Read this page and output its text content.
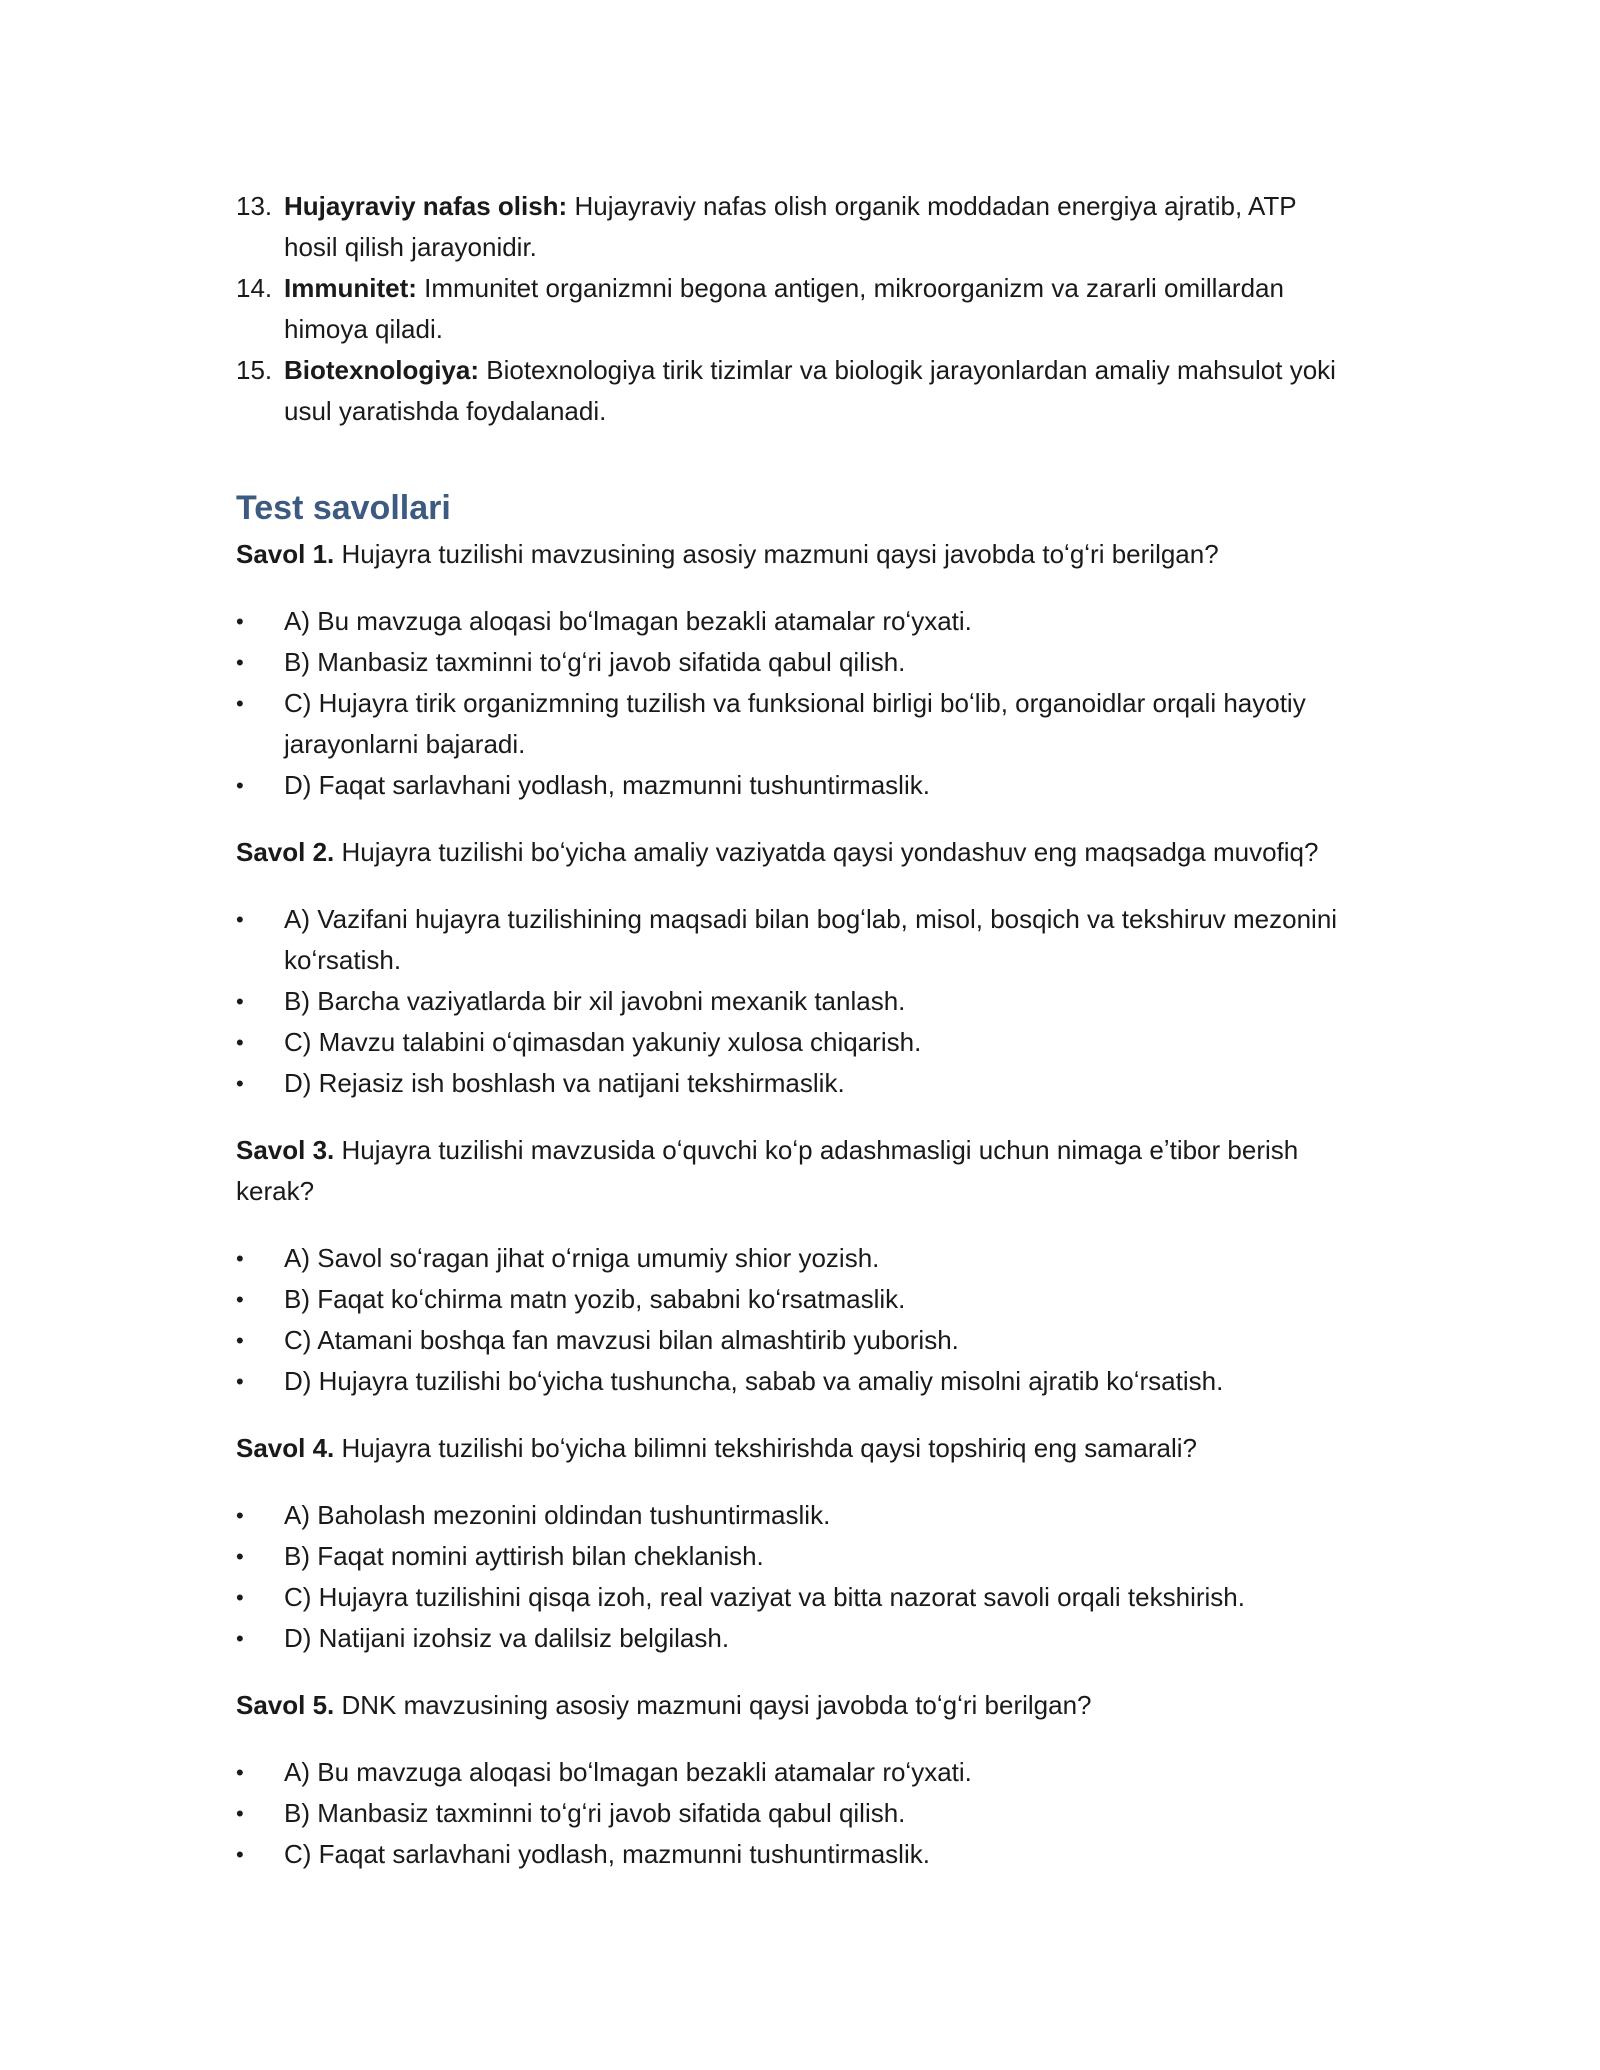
13. Hujayraviy nafas olish: Hujayraviy nafas olish organik moddadan energiya ajratib, ATP hosil qilish jarayonidir.
14. Immunitet: Immunitet organizmni begona antigen, mikroorganizm va zararli omillardan himoya qiladi.
15. Biotexnologiya: Biotexnologiya tirik tizimlar va biologik jarayonlardan amaliy mahsulot yoki usul yaratishda foydalanadi.
Test savollari

Savol 1. Hujayra tuzilishi mavzusining asosiy mazmuni qaysi javobda toʻgʻri berilgan?

•	A) Bu mavzuga aloqasi boʻlmagan bezakli atamalar roʻyxati.
•	B) Manbasiz taxminni toʻgʻri javob sifatida qabul qilish.
•	C) Hujayra tirik organizmning tuzilish va funksional birligi boʻlib, organoidlar orqali hayotiy jarayonlarni bajaradi.
•	D) Faqat sarlavhani yodlash, mazmunni tushuntirmaslik.

Savol 2. Hujayra tuzilishi boʻyicha amaliy vaziyatda qaysi yondashuv eng maqsadga muvofiq?

•	A) Vazifani hujayra tuzilishining maqsadi bilan bogʻlab, misol, bosqich va tekshiruv mezonini koʻrsatish.
•	B) Barcha vaziyatlarda bir xil javobni mexanik tanlash.
•	C) Mavzu talabini oʻqimasdan yakuniy xulosa chiqarish.
•	D) Rejasiz ish boshlash va natijani tekshirmaslik.

Savol 3. Hujayra tuzilishi mavzusida oʻquvchi koʻp adashmasligi uchun nimaga eʼtibor berish kerak?

•	A) Savol soʻragan jihat oʻrniga umumiy shior yozish.
•	B) Faqat koʻchirma matn yozib, sababni koʻrsatmaslik.
•	C) Atamani boshqa fan mavzusi bilan almashtirib yuborish.
•	D) Hujayra tuzilishi boʻyicha tushuncha, sabab va amaliy misolni ajratib koʻrsatish.

Savol 4. Hujayra tuzilishi boʻyicha bilimni tekshirishda qaysi topshiriq eng samarali?

•	A) Baholash mezonini oldindan tushuntirmaslik.
•	B) Faqat nomini ayttirish bilan cheklanish.
•	C) Hujayra tuzilishini qisqa izoh, real vaziyat va bitta nazorat savoli orqali tekshirish.
•	D) Natijani izohsiz va dalilsiz belgilash.

Savol 5. DNK mavzusining asosiy mazmuni qaysi javobda toʻgʻri berilgan?

•	A) Bu mavzuga aloqasi boʻlmagan bezakli atamalar roʻyxati.
•	B) Manbasiz taxminni toʻgʻri javob sifatida qabul qilish.
•	C) Faqat sarlavhani yodlash, mazmunni tushuntirmaslik.
